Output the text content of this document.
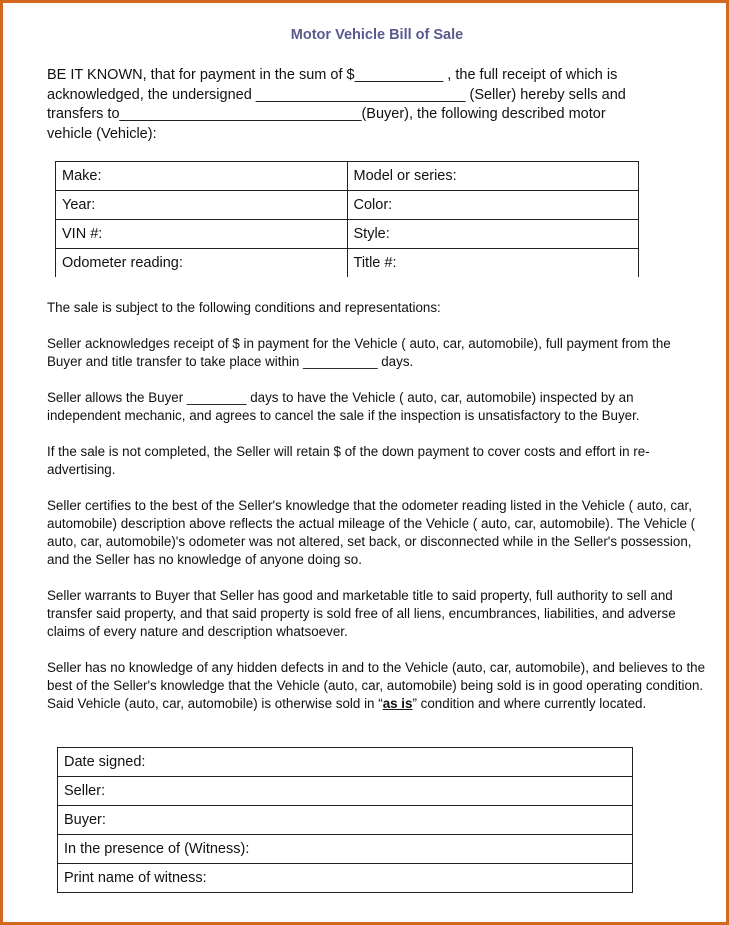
Motor Vehicle Bill of Sale

BE IT KNOWN, that for payment in the sum of $___________ , the full receipt of which is

acknowledged, the undersigned __________________________ (Seller) hereby sells and

transfers to______________________________(Buyer), the following described motor

vehicle (Vehicle):

Make:	Model or series:
Year:	Color:
VIN #:	Style:
Odometer reading:	Title #:

The sale is subject to the following conditions and representations:

Seller acknowledges receipt of $ in payment for the Vehicle ( auto, car, automobile), full payment from the Buyer and title transfer to take place within __________ days.

Seller allows the Buyer ________ days to have the Vehicle ( auto, car, automobile) inspected by an independent mechanic, and agrees to cancel the sale if the inspection is unsatisfactory to the Buyer.

If the sale is not completed, the Seller will retain $ of the down payment to cover costs and effort in re-advertising.

Seller certifies to the best of the Seller's knowledge that the odometer reading listed in the Vehicle ( auto, car, automobile) description above reflects the actual mileage of the Vehicle ( auto, car, automobile). The Vehicle ( auto, car, automobile)'s odometer was not altered, set back, or disconnected while in the Seller's possession, and the Seller has no knowledge of anyone doing so.

Seller warrants to Buyer that Seller has good and marketable title to said property, full authority to sell and transfer said property, and that said property is sold free of all liens, encumbrances, liabilities, and adverse claims of every nature and description whatsoever.

Seller has no knowledge of any hidden defects in and to the Vehicle (auto, car, automobile), and believes to the best of the Seller's knowledge that the Vehicle (auto, car, automobile) being sold is in good operating condition. Said Vehicle (auto, car, automobile) is otherwise sold in “as is” condition and where currently located.

Date signed:
Seller:
Buyer:
In the presence of (Witness):
Print name of witness:
